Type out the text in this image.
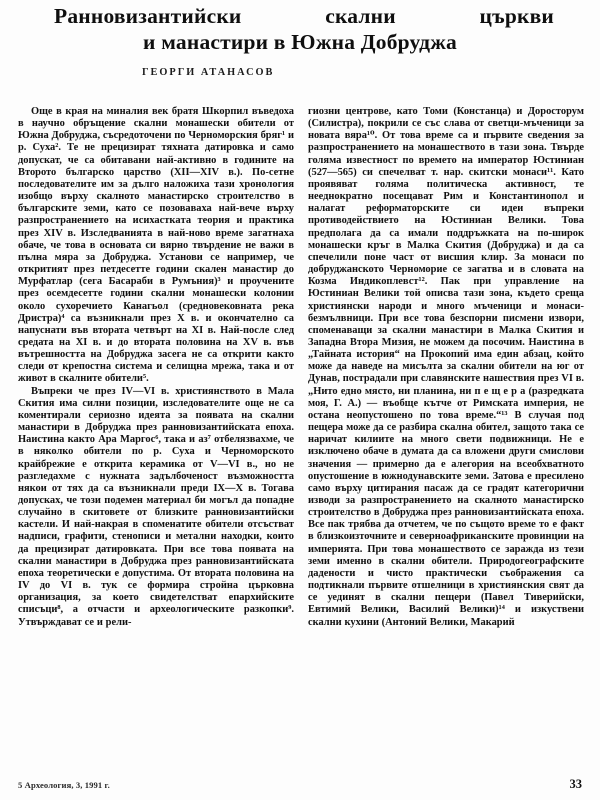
Ранновизантийски скални църкви
и манастири в Южна Добруджа
ГЕОРГИ АТАНАСОВ

Още в края на миналия век братя Шкорпил въведоха в научно обръщение скални монашески обители от Южна Добруджа, съсредоточени по Черноморския бряг¹ и р. Суха². Те не прецизират тяхната датировка и само допускат, че са обитавани най-активно в годините на Второто българско царство (XII—XIV в.). По-сетне последователите им за дълго наложиха тази хронология изобщо върху скалното манастирско строителство в българските земи, като се позоваваха най-вече върху разпространението на исихасткaта теория и практика през XIV в. Изследванията в най-ново време загатнаха обаче, че това в основата си вярно твърдение не важи в пълна мяра за Добруджа. Установи се например, че откритият през петдесетте години скален манастир до Мурфатлар (сега Басараби в Румъния)³ и проучените през осемдесетте години скални монашески колонии около сухоречието Канагьол (средновековната река Дристра)⁴ са възникнали през X в. и окончателно са напуснати във втората четвърт на XI в. Най-после след средата на XI в. и до втората половина на XV в. във вътрешността на Добруджа засега не са открити както следи от крепостна система и селищна мрежа, така и от живот в скалните обители⁵.

Въпреки че през IV—VI в. християнството в Мала Скития има силни позиции, изследователите още не са коментирали сериозно идеята за появата на скални манастири в Добруджа през ранновизантийската епоха. Наистина както Ара Маргос⁶, така и аз⁷ отбелязвахме, че в няколко обители по р. Суха и Черноморското крайбрежие е открита керамика от V—VI в., но не разгледахме с нужната задълбоченост възможността някои от тях да са възникнали преди IX—X в. Тогава допусках, че този подемен материал би могъл да попадне случайно в скитовете от близките ранновизантийски кастели. И най-накрая в споменатите обители отсъстват надписи, графити, стенописи и метални находки, които да прецизират датировката. При все това появата на скални манастири в Добруджа през ранновизантийската епоха теоретически е допустима. От втората половина на IV до VI в. тук се формира стройна църковна организация, за което свидетелстват епархийските списъци⁸, а отчасти и археологическите разкопки⁹. Утвърждават се и рели-

гиозни центрове, като Томи (Констанца) и Доросторум (Силистра), покрили се със слава от светци-мъченици за новата вяра¹⁰. От това време са и първите сведения за разпространението на монашеството в тази зона. Твърде голяма известност по времето на император Юстиниан (527—565) си спечелват т. нар. скитски монаси¹¹. Като проявяват голяма политическа активност, те нееднократно посещават Рим и Константинопол и налагат реформаторските си идеи въпреки противодействието на Юстиниан Велики. Това предполага да са имали поддръжката на по-широк монашески кръг в Малка Скития (Добруджа) и да са спечелили поне част от висшия клир. За монаси по добруджанското Черноморие се загатва и в словата на Козма Индикоплевст¹². Пак при управление на Юстиниан Велики той описва тази зона, където среща християнски народи и много мъченици и монаси-безмълвници. При все това безспорни писмени извори, споменаващи за скални манастири в Малка Скития и Западна Втора Мизия, не можем да посочим. Наистина в „Тайната история“ на Прокопий има един абзац, който може да наведе на мисълта за скални обители на юг от Дунав, пострадали при славянските нашествия през VI в. „Нито едно място, ни планина, ни п е щ е р а (разредката моя, Г. А.) — въобще кътче от Римската империя, не остана неопустошено по това време.“¹³ В случая под пещера може да се разбира скална обител, защото така се наричат килиите на много свети подвижници. Не е изключено обаче в думата да са вложени други смислови значения — примерно да е алегория на всеобхватното опустошение в южнодунавските земи. Затова е пресилено само върху цитирания пасаж да се градят категорични изводи за разпространението на скалното манастирско строителство в Добруджа през ранновизантийската епоха. Все пак трябва да отчетем, че по същото време то е факт в близкоизточните и северноафриканските провинции на империята. При това монашеството се заражда из тези земи именно в скални обители. Природогеографските дадености и чисто практически съображения са подтикнали първите отшелници в християнския свят да се уединят в скални пещери (Павел Тиверийски, Евтимий Велики, Василий Велики)¹⁴ и изкуствени скални кухини (Антоний Велики, Макарий

5 Археология, 3, 1991 г.	33
